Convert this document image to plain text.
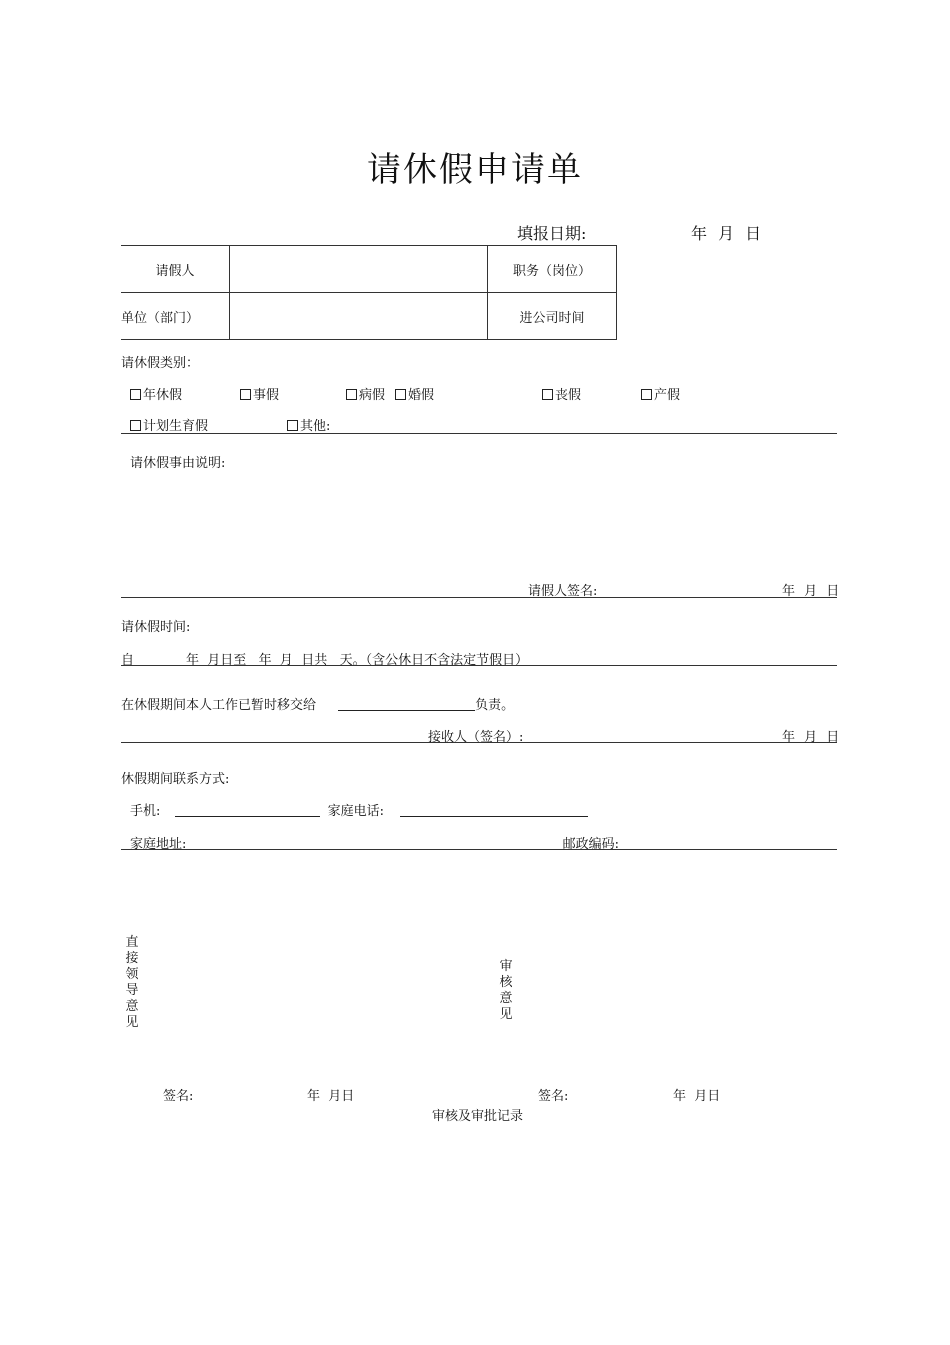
请休假申请单
填报日期:	年 月 日
请假人		职务（岗位）
单位（部门）		进公司时间
请休假类别：
年休假	事假	病假	婚假	丧假	产假
计划生育假	其他:
请休假事由说明:
请假人签名:	年 月 日
请休假时间:
自	年  月日至   年  月  日共   天。（含公休日不含法定节假日）
在休假期间本人工作已暂时移交给	负责。
接收人（签名）:	年 月 日
休假期间联系方式:
手机:	家庭电话:
家庭地址:	邮政编码:
直接领导意见
审核意见
签名:	年  月日	签名:	年  月日
审核及审批记录
